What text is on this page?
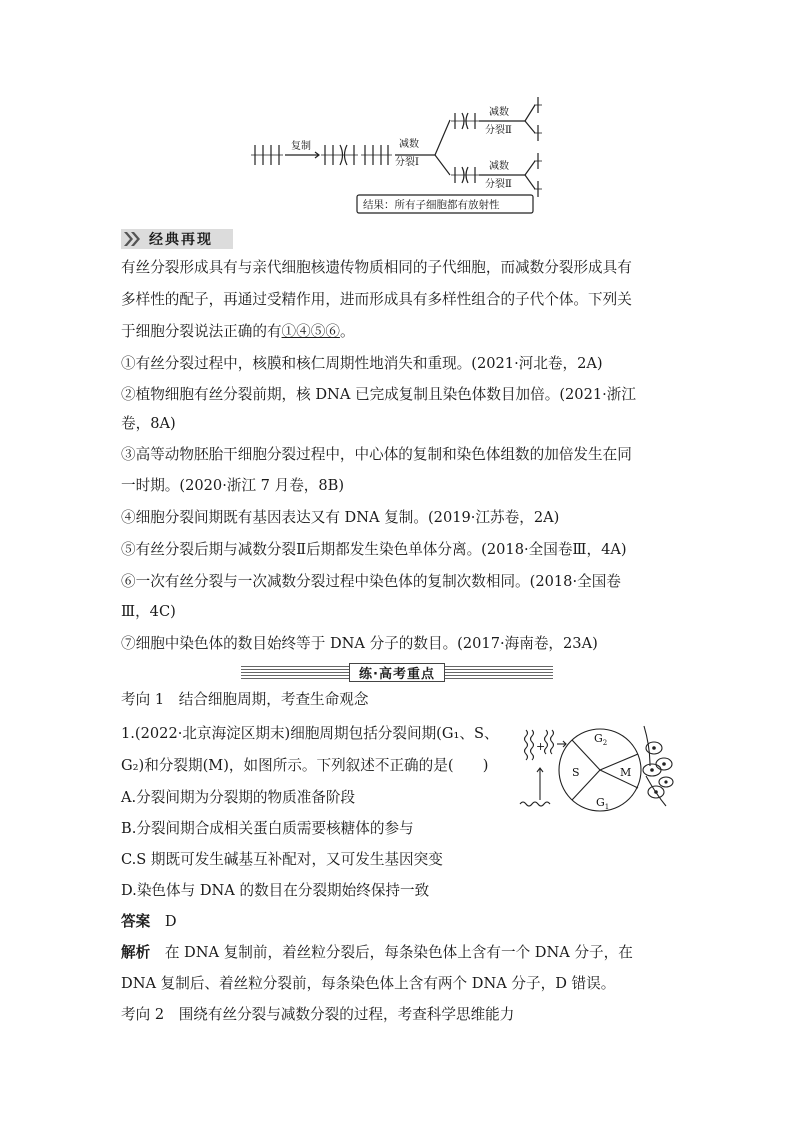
复制	减数
分裂Ⅰ
减数
分裂Ⅱ
减数
分裂Ⅱ
结果：所有子细胞都有放射性
经典再现
有丝分裂形成具有与亲代细胞核遗传物质相同的子代细胞，而减数分裂形成具有
多样性的配子，再通过受精作用，进而形成具有多样性组合的子代个体。下列关
于细胞分裂说法正确的有①④⑤⑥。
①有丝分裂过程中，核膜和核仁周期性地消失和重现。(2021·河北卷，2A)
②植物细胞有丝分裂前期，核 DNA 已完成复制且染色体数目加倍。(2021·浙江
卷，8A)
③高等动物胚胎干细胞分裂过程中，中心体的复制和染色体组数的加倍发生在同
一时期。(2020·浙江 7 月卷，8B)
④细胞分裂间期既有基因表达又有 DNA 复制。(2019·江苏卷，2A)
⑤有丝分裂后期与减数分裂Ⅱ后期都发生染色单体分离。(2018·全国卷Ⅲ，4A)
⑥一次有丝分裂与一次减数分裂过程中染色体的复制次数相同。(2018·全国卷
Ⅲ，4C)
⑦细胞中染色体的数目始终等于 DNA 分子的数目。(2017·海南卷，23A)
练·高考重点
考向 1　结合细胞周期，考查生命观念
1.(2022·北京海淀区期末)细胞周期包括分裂间期(G₁、S、
G₂)和分裂期(M)，如图所示。下列叙述不正确的是(　　)
A.分裂间期为分裂期的物质准备阶段
B.分裂间期合成相关蛋白质需要核糖体的参与
C.S 期既可发生碱基互补配对，又可发生基因突变
D.染色体与 DNA 的数目在分裂期始终保持一致
+
$G_2$
S	M
$G_1$
答案　 D
解析　 在 DNA 复制前，着丝粒分裂后，每条染色体上含有一个 DNA 分子，在
DNA 复制后、着丝粒分裂前，每条染色体上含有两个 DNA 分子，D 错误。
考向 2　围绕有丝分裂与减数分裂的过程，考查科学思维能力
